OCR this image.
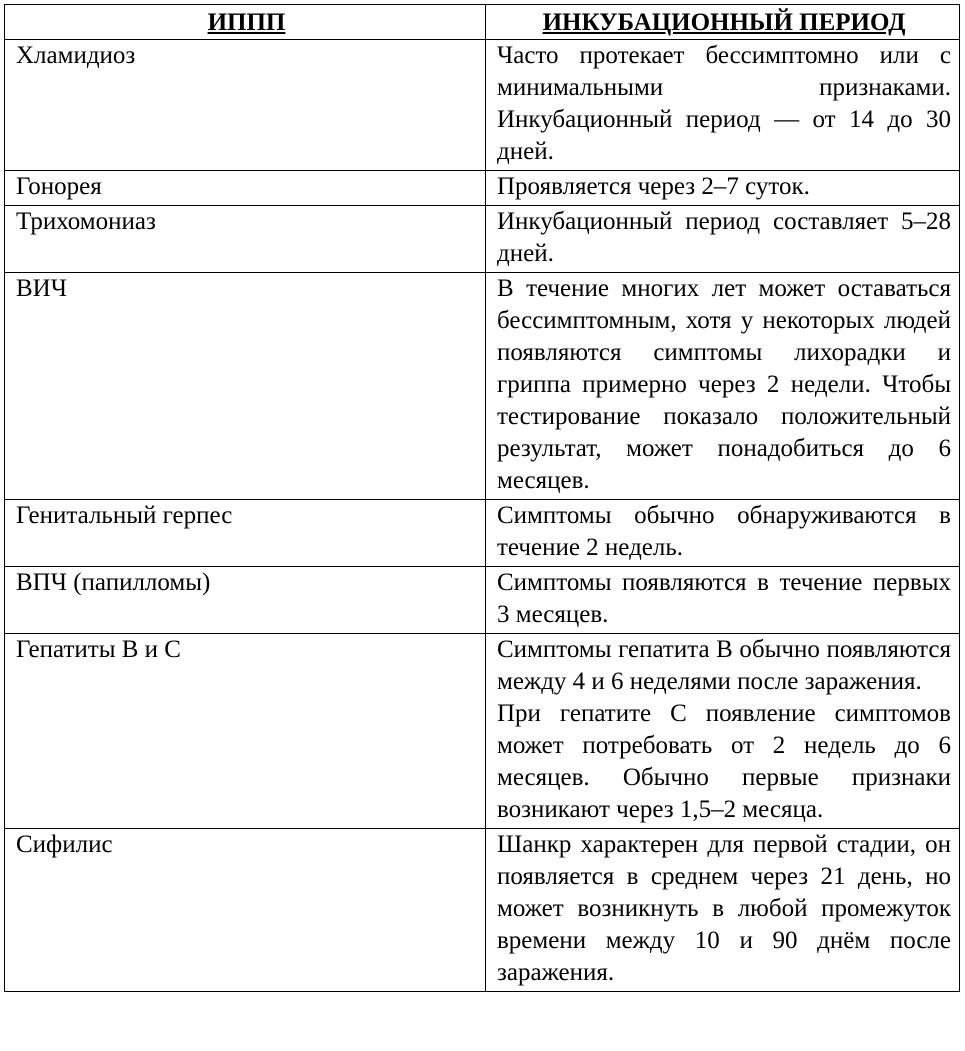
ИППП	ИНКУБАЦИОННЫЙ ПЕРИОД
Хламидиоз	Часто протекает бессимптомно или с минимальными признаками. Инкубационный период — от 14 до 30 дней.

Гонорея	Проявляется через 2–7 суток.

Трихомониаз	Инкубационный период составляет 5–28 дней.

ВИЧ	В течение многих лет может оставаться бессимптомным, хотя у некоторых людей появляются симптомы лихорадки и гриппа примерно через 2 недели. Чтобы тестирование показало положительный результат, может понадобиться до 6 месяцев.

Генитальный герпес	Симптомы обычно обнаруживаются в течение 2 недель.

ВПЧ (папилломы)	Симптомы появляются в течение первых 3 месяцев.

Гепатиты В и С	Симптомы гепатита В обычно появляются между 4 и 6 неделями после заражения.
При гепатите С появление симптомов может потребовать от 2 недель до 6 месяцев. Обычно первые признаки возникают через 1,5–2 месяца.

Сифилис	Шанкр характерен для первой стадии, он появляется в среднем через 21 день, но может возникнуть в любой промежуток времени между 10 и 90 днём после заражения.
